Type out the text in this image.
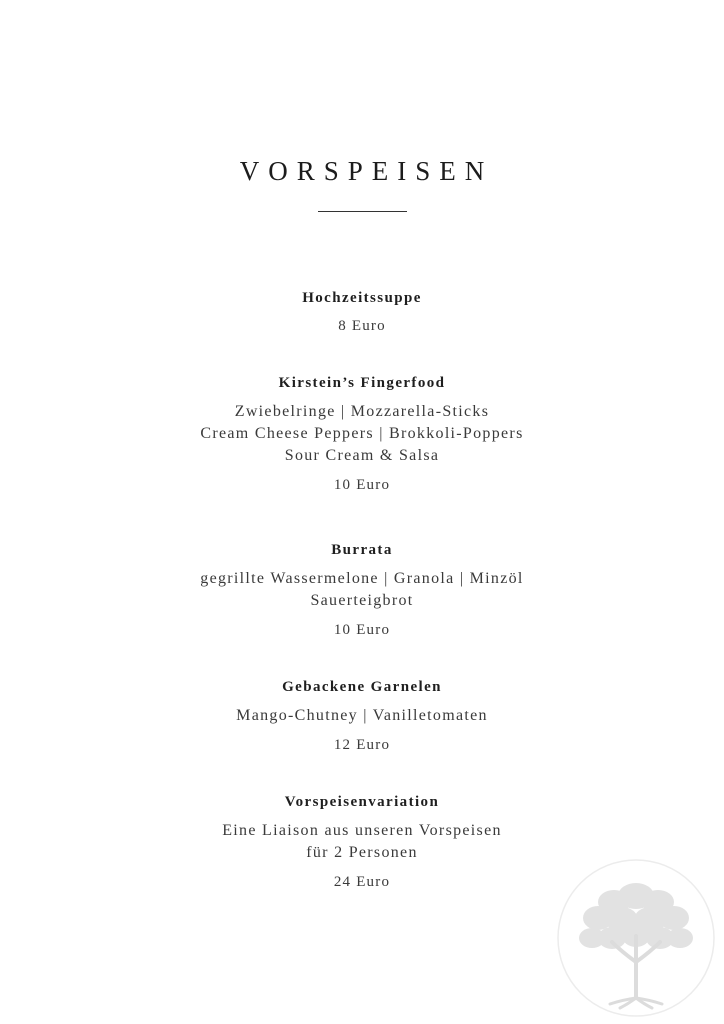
VORSPEISEN
Hochzeitssuppe
8 Euro
Kirstein’s Fingerfood
Zwiebelringe | Mozzarella-Sticks
Cream Cheese Peppers | Brokkoli-Poppers
Sour Cream & Salsa
10 Euro
Burrata
gegrillte Wassermelone | Granola | Minzöl
Sauerteigbrot
10 Euro
Gebackene Garnelen
Mango-Chutney | Vanilletomaten
12 Euro
Vorspeisenvariation
Eine Liaison aus unseren Vorspeisen
für 2 Personen
24 Euro
